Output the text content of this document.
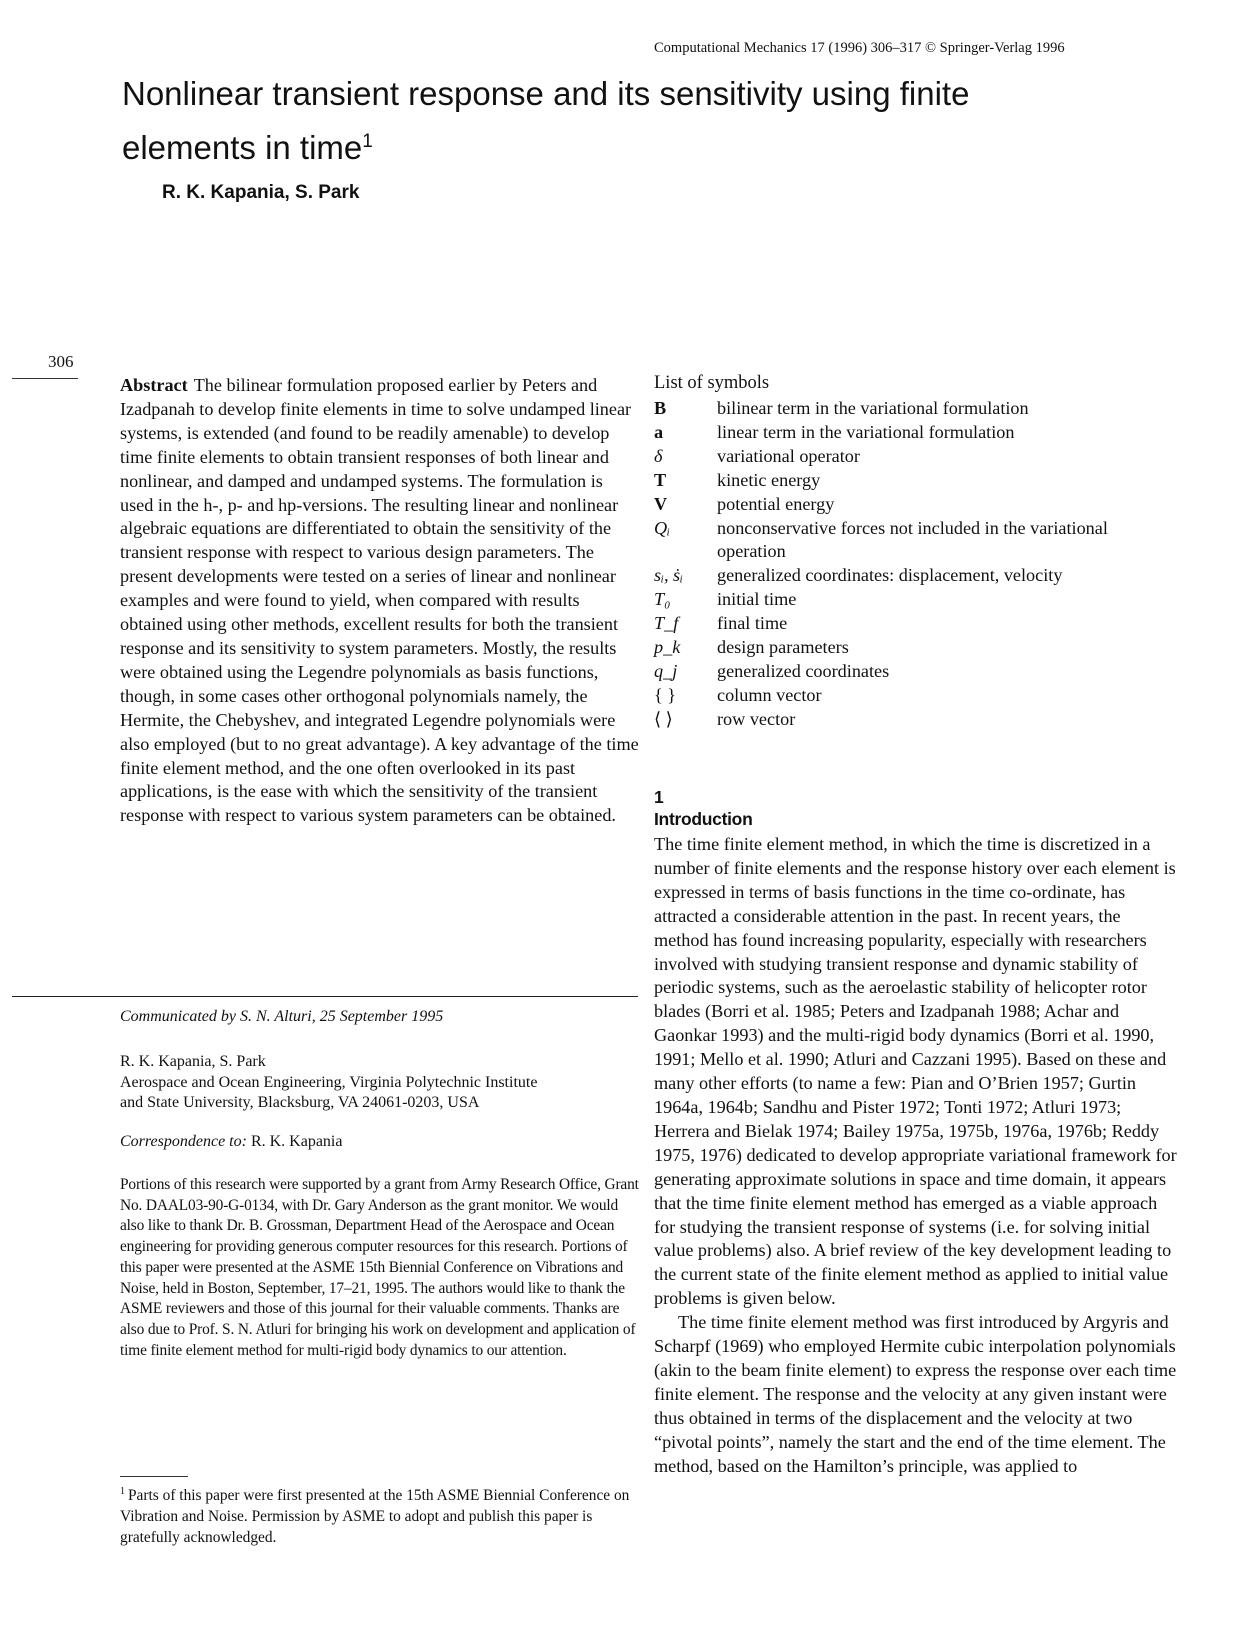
Computational Mechanics 17 (1996) 306–317 © Springer-Verlag 1996
Nonlinear transient response and its sensitivity using finite elements in time$^1$
R. K. Kapania, S. Park
306

Abstract The bilinear formulation proposed earlier by Peters and Izadpanah to develop finite elements in time to solve undamped linear systems, is extended (and found to be readily amenable) to develop time finite elements to obtain transient responses of both linear and nonlinear, and damped and undamped systems. The formulation is used in the h-, p- and hp-versions. The resulting linear and nonlinear algebraic equations are differentiated to obtain the sensitivity of the transient response with respect to various design parameters. The present developments were tested on a series of linear and nonlinear examples and were found to yield, when compared with results obtained using other methods, excellent results for both the transient response and its sensitivity to system parameters. Mostly, the results were obtained using the Legendre polynomials as basis functions, though, in some cases other orthogonal polynomials namely, the Hermite, the Chebyshev, and integrated Legendre polynomials were also employed (but to no great advantage). A key advantage of the time finite element method, and the one often overlooked in its past applications, is the ease with which the sensitivity of the transient response with respect to various system parameters can be obtained.

Communicated by S. N. Alturi, 25 September 1995
R. K. Kapania, S. Park
Aerospace and Ocean Engineering, Virginia Polytechnic Institute
and State University, Blacksburg, VA 24061-0203, USA
Correspondence to: R. K. Kapania

Portions of this research were supported by a grant from Army Research Office, Grant No. DAAL03-90-G-0134, with Dr. Gary Anderson as the grant monitor. We would also like to thank Dr. B. Grossman, Department Head of the Aerospace and Ocean engineering for providing generous computer resources for this research. Portions of this paper were presented at the ASME 15th Biennial Conference on Vibrations and Noise, held in Boston, September, 17–21, 1995. The authors would like to thank the ASME reviewers and those of this journal for their valuable comments. Thanks are also due to Prof. S. N. Atluri for bringing his work on development and application of time finite element method for multi-rigid body dynamics to our attention.

$^1$ Parts of this paper were first presented at the 15th ASME Biennial Conference on Vibration and Noise. Permission by ASME to adopt and publish this paper is gratefully acknowledged.

List of symbols
B	bilinear term in the variational formulation
a	linear term in the variational formulation
δ	variational operator
T	kinetic energy
V	potential energy
Qᵢ	nonconservative forces not included in the variational operation
sᵢ, ṡᵢ	generalized coordinates: displacement, velocity
T₀	initial time
T_f	final time
p_k	design parameters
q_j	generalized coordinates
{ }	column vector
⟨ ⟩	row vector
1
Introduction

The time finite element method, in which the time is discretized in a number of finite elements and the response history over each element is expressed in terms of basis functions in the time co-ordinate, has attracted a considerable attention in the past. In recent years, the method has found increasing popularity, especially with researchers involved with studying transient response and dynamic stability of periodic systems, such as the aeroelastic stability of helicopter rotor blades (Borri et al. 1985; Peters and Izadpanah 1988; Achar and Gaonkar 1993) and the multi-rigid body dynamics (Borri et al. 1990, 1991; Mello et al. 1990; Atluri and Cazzani 1995). Based on these and many other efforts (to name a few: Pian and O’Brien 1957; Gurtin 1964a, 1964b; Sandhu and Pister 1972; Tonti 1972; Atluri 1973; Herrera and Bielak 1974; Bailey 1975a, 1975b, 1976a, 1976b; Reddy 1975, 1976) dedicated to develop appropriate variational framework for generating approximate solutions in space and time domain, it appears that the time finite element method has emerged as a viable approach for studying the transient response of systems (i.e. for solving initial value problems) also. A brief review of the key development leading to the current state of the finite element method as applied to initial value problems is given below.

The time finite element method was first introduced by Argyris and Scharpf (1969) who employed Hermite cubic interpolation polynomials (akin to the beam finite element) to express the response over each time finite element. The response and the velocity at any given instant were thus obtained in terms of the displacement and the velocity at two “pivotal points”, namely the start and the end of the time element. The method, based on the Hamilton’s principle, was applied to
